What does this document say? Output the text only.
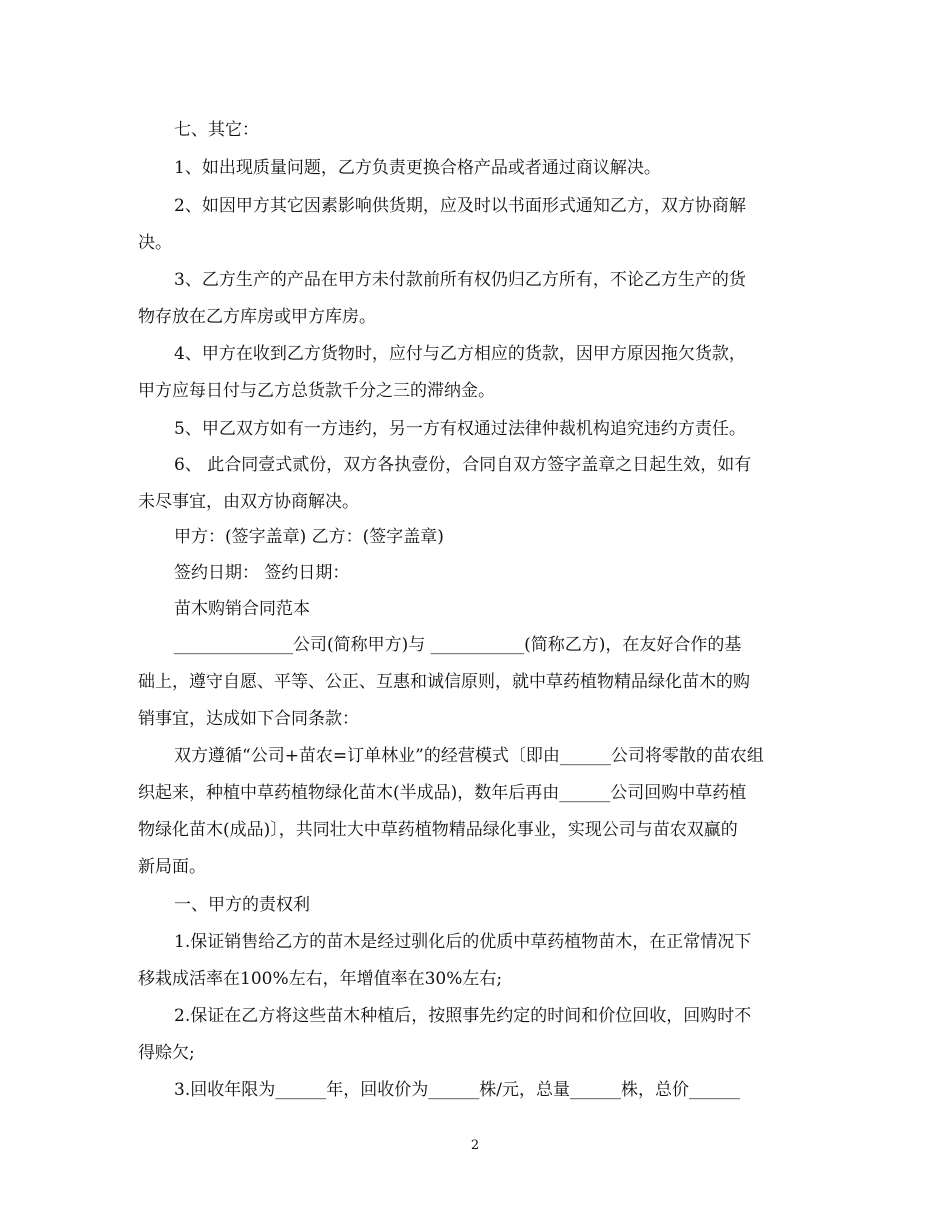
七、其它：
1、如出现质量问题，乙方负责更换合格产品或者通过商议解决。
2、如因甲方其它因素影响供货期，应及时以书面形式通知乙方，双方协商解
决。
3、乙方生产的产品在甲方未付款前所有权仍归乙方所有，不论乙方生产的货
物存放在乙方库房或甲方库房。
4、甲方在收到乙方货物时，应付与乙方相应的货款，因甲方原因拖欠货款，
甲方应每日付与乙方总货款千分之三的滞纳金。
5、甲乙双方如有一方违约，另一方有权通过法律仲裁机构追究违约方责任。
6、 此合同壹式贰份，双方各执壹份，合同自双方签字盖章之日起生效，如有
未尽事宜，由双方协商解决。
甲方：(签字盖章) 乙方：(签字盖章)
签约日期： 签约日期：
苗木购销合同范本
______________公司(简称甲方)与 ___________(简称乙方)，在友好合作的基
础上，遵守自愿、平等、公正、互惠和诚信原则，就中草药植物精品绿化苗木的购
销事宜，达成如下合同条款：
双方遵循“公司+苗农=订单林业”的经营模式〔即由______公司将零散的苗农组
织起来，种植中草药植物绿化苗木(半成品)，数年后再由______公司回购中草药植
物绿化苗木(成品)〕，共同壮大中草药植物精品绿化事业，实现公司与苗农双赢的
新局面。
一、甲方的责权利
1.保证销售给乙方的苗木是经过驯化后的优质中草药植物苗木，在正常情况下
移栽成活率在100%左右，年增值率在30%左右;
2.保证在乙方将这些苗木种植后，按照事先约定的时间和价位回收，回购时不
得赊欠;
3.回收年限为______年，回收价为______株/元，总量______株，总价______
2
